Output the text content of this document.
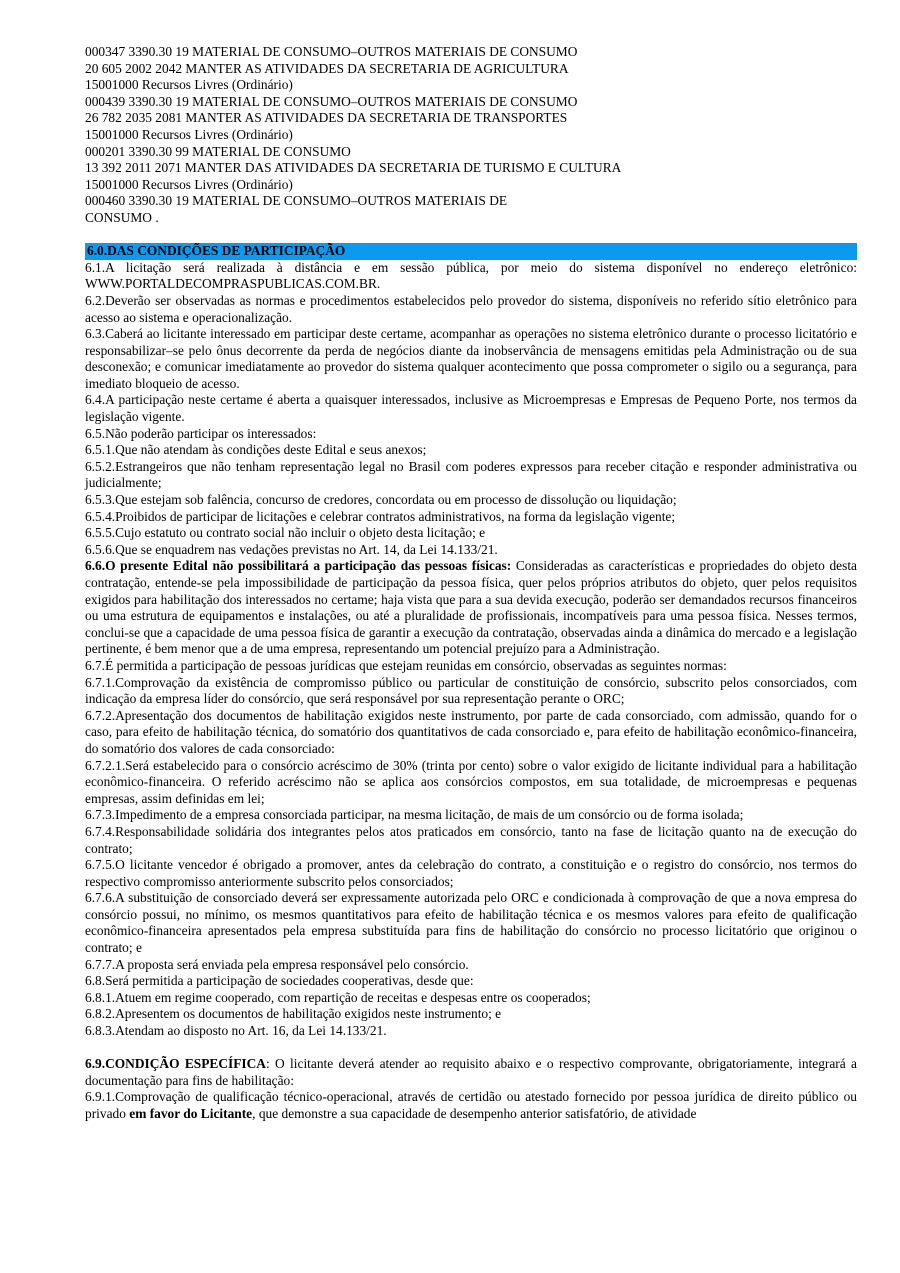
000347 3390.30 19 MATERIAL DE CONSUMO–OUTROS MATERIAIS DE CONSUMO
20 605 2002 2042 MANTER AS ATIVIDADES DA SECRETARIA DE AGRICULTURA
15001000 Recursos Livres (Ordinário)
000439 3390.30 19 MATERIAL DE CONSUMO–OUTROS MATERIAIS DE CONSUMO
26 782 2035 2081 MANTER AS ATIVIDADES DA SECRETARIA DE TRANSPORTES
15001000 Recursos Livres (Ordinário)
000201 3390.30 99 MATERIAL DE CONSUMO
13 392 2011 2071 MANTER DAS ATIVIDADES DA SECRETARIA DE TURISMO E CULTURA
15001000 Recursos Livres (Ordinário)
000460 3390.30 19 MATERIAL DE CONSUMO–OUTROS MATERIAIS DE
CONSUMO .
6.0.DAS CONDIÇÕES DE PARTICIPAÇÃO
6.1.A licitação será realizada à distância e em sessão pública, por meio do sistema disponível no endereço eletrônico: WWW.PORTALDECOMPRASPUBLICAS.COM.BR.
6.2.Deverão ser observadas as normas e procedimentos estabelecidos pelo provedor do sistema, disponíveis no referido sítio eletrônico para acesso ao sistema e operacionalização.
6.3.Caberá ao licitante interessado em participar deste certame, acompanhar as operações no sistema eletrônico durante o processo licitatório e responsabilizar–se pelo ônus decorrente da perda de negócios diante da inobservância de mensagens emitidas pela Administração ou de sua desconexão; e comunicar imediatamente ao provedor do sistema qualquer acontecimento que possa comprometer o sigilo ou a segurança, para imediato bloqueio de acesso.
6.4.A participação neste certame é aberta a quaisquer interessados, inclusive as Microempresas e Empresas de Pequeno Porte, nos termos da legislação vigente.
6.5.Não poderão participar os interessados:
6.5.1.Que não atendam às condições deste Edital e seus anexos;
6.5.2.Estrangeiros que não tenham representação legal no Brasil com poderes expressos para receber citação e responder administrativa ou judicialmente;
6.5.3.Que estejam sob falência, concurso de credores, concordata ou em processo de dissolução ou liquidação;
6.5.4.Proibidos de participar de licitações e celebrar contratos administrativos, na forma da legislação vigente;
6.5.5.Cujo estatuto ou contrato social não incluir o objeto desta licitação; e
6.5.6.Que se enquadrem nas vedações previstas no Art. 14, da Lei 14.133/21.
6.6.O presente Edital não possibilitará a participação das pessoas físicas: Consideradas as características e propriedades do objeto desta contratação, entende-se pela impossibilidade de participação da pessoa física, quer pelos próprios atributos do objeto, quer pelos requisitos exigidos para habilitação dos interessados no certame; haja vista que para a sua devida execução, poderão ser demandados recursos financeiros ou uma estrutura de equipamentos e instalações, ou até a pluralidade de profissionais, incompatíveis para uma pessoa física. Nesses termos, conclui-se que a capacidade de uma pessoa física de garantir a execução da contratação, observadas ainda a dinâmica do mercado e a legislação pertinente, é bem menor que a de uma empresa, representando um potencial prejuízo para a Administração.
6.7.É permitida a participação de pessoas jurídicas que estejam reunidas em consórcio, observadas as seguintes normas:
6.7.1.Comprovação da existência de compromisso público ou particular de constituição de consórcio, subscrito pelos consorciados, com indicação da empresa líder do consórcio, que será responsável por sua representação perante o ORC;
6.7.2.Apresentação dos documentos de habilitação exigidos neste instrumento, por parte de cada consorciado, com admissão, quando for o caso, para efeito de habilitação técnica, do somatório dos quantitativos de cada consorciado e, para efeito de habilitação econômico-financeira, do somatório dos valores de cada consorciado:
6.7.2.1.Será estabelecido para o consórcio acréscimo de 30% (trinta por cento) sobre o valor exigido de licitante individual para a habilitação econômico-financeira. O referido acréscimo não se aplica aos consórcios compostos, em sua totalidade, de microempresas e pequenas empresas, assim definidas em lei;
6.7.3.Impedimento de a empresa consorciada participar, na mesma licitação, de mais de um consórcio ou de forma isolada;
6.7.4.Responsabilidade solidária dos integrantes pelos atos praticados em consórcio, tanto na fase de licitação quanto na de execução do contrato;
6.7.5.O licitante vencedor é obrigado a promover, antes da celebração do contrato, a constituição e o registro do consórcio, nos termos do respectivo compromisso anteriormente subscrito pelos consorciados;
6.7.6.A substituição de consorciado deverá ser expressamente autorizada pelo ORC e condicionada à comprovação de que a nova empresa do consórcio possui, no mínimo, os mesmos quantitativos para efeito de habilitação técnica e os mesmos valores para efeito de qualificação econômico-financeira apresentados pela empresa substituída para fins de habilitação do consórcio no processo licitatório que originou o contrato; e
6.7.7.A proposta será enviada pela empresa responsável pelo consórcio.
6.8.Será permitida a participação de sociedades cooperativas, desde que:
6.8.1.Atuem em regime cooperado, com repartição de receitas e despesas entre os cooperados;
6.8.2.Apresentem os documentos de habilitação exigidos neste instrumento; e
6.8.3.Atendam ao disposto no Art. 16, da Lei 14.133/21.
6.9.CONDIÇÃO ESPECÍFICA: O licitante deverá atender ao requisito abaixo e o respectivo comprovante, obrigatoriamente, integrará a documentação para fins de habilitação:
6.9.1.Comprovação de qualificação técnico-operacional, através de certidão ou atestado fornecido por pessoa jurídica de direito público ou privado em favor do Licitante, que demonstre a sua capacidade de desempenho anterior satisfatório, de atividade
